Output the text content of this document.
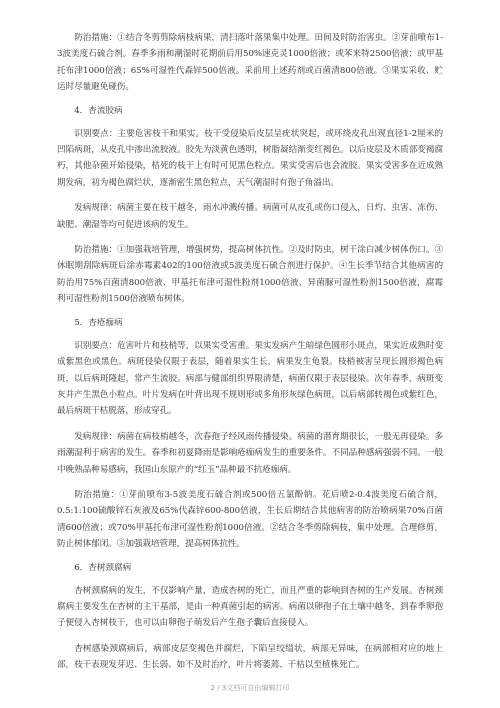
防治措施：①结合冬剪剪除病枝病果，清扫落叶落果集中处理。田间及时防治害虫。②芽前喷布1-3波美度石硫合剂。春季多雨和潮湿时花期前后用50%速克灵1000倍液；或苯来特2500倍液；或甲基托布津1000倍液；65%可湿性代森锌500倍液。采前用上述药剂或百菌清800倍液。③果实采收、贮运时尽量避免碰伤。

4．杏流胶病

识别要点：主要危害枝干和果实。枝干受侵染后皮层呈疣状突起，或环绕皮孔出现直径1-2厘米的凹陷病斑，从皮孔中渗出流胶液。胶先为淡黄色透明，树脂凝结渐变红褐色。以后皮层及木质部变褐腐朽，其他杂菌开始侵染，枯死的枝干上有时可见黑色粒点。果实受害后也会流胶。果实受害多在近成熟期发病，初为褐色腐烂状，逐渐密生黑色粒点，天气潮湿时有孢子角溢出。

发病规律：病菌主要在枝干越冬，雨水冲溅传播。病菌可从皮孔或伤口侵入，日灼、虫害、冻伤、缺肥、潮湿等均可促进该病的发生。

防治措施：①加强栽培管理，增强树势，提高树体抗性。②及时防虫，树干涂白减少树体伤口。③休眠期刮除病斑后涂赤霉素402的100倍液或5波美度石硫合剂进行保护。④生长季节结合其他病害的防治用75%百菌清800倍液、甲基托布津可湿性粉剂1000倍液、异菌脲可湿性粉剂1500倍液，腐霉利可湿性粉剂1500倍液喷布树体。

5．杏疮痂病

识别要点：危害叶片和枝梢等，以果实受害重。果实发病产生暗绿色圆形小斑点，果实近成熟时变成紫黑色或黑色。病斑侵染仅限于表层，随着果实生长，病果发生龟裂。枝梢被害呈现长圆形褐色病斑，以后病斑隆起，常产生流胶。病部与健部组织界限清楚，病菌仅限于表层侵染。次年春季，病斑变灰并产生黑色小粒点。叶片发病在叶背出现不规则形或多角形灰绿色病斑，以后病部转褐色或紫红色，最后病斑干枯脱落，形成穿孔。

发病规律：病菌在病枝梢越冬，次春孢子经风雨传播侵染。病菌的潜育期很长，一般无再侵染。多雨潮湿利于病害的发生。春季和初夏降雨是影响疮痂病发生的重要条件。不同品种感病强弱不同。一般中晚熟品种易感病，我国山东原产的“红玉”品种最不抗疮痂病。

防治措施：①芽前喷布3-5波美度石硫合剂或500倍五氯酚钠。花后喷2-0.4波美度石硫合剂，0.5:1:100硫酸锌石灰液及65%代森锌600-800倍液，生长后期结合其他病害的防治喷病果70%百菌清600倍液；或70%甲基托布津可湿性粉剂1000倍液。②结合冬季剪除病枝，集中处理。合理修剪，防止树体郁闭。③加强栽培管理，提高树体抗性。

6．杏树颈腐病

杏树颈腐病的发生，不仅影响产量，造成杏树的死亡，而且严重的影响到杏树的生产发展。杏树颈腐病主要发生在杏树的主干基部，是由一种真菌引起的病害。病菌以卵孢子在土壤中越冬，到春季卵孢子便侵入杏树枝干，也可以由卵孢子萌发后产生孢子囊后直接侵入。

杏树感染颈腐病后，病部皮层变褐色并腐烂，下陷呈绞缢状，病部无异味，在病部相对应的地上部，枝干表现发芽迟、生长弱、如不及时治疗，叶片将萎蔫、干枯以至植株死亡。

2 / 3文档可自由编辑打印
